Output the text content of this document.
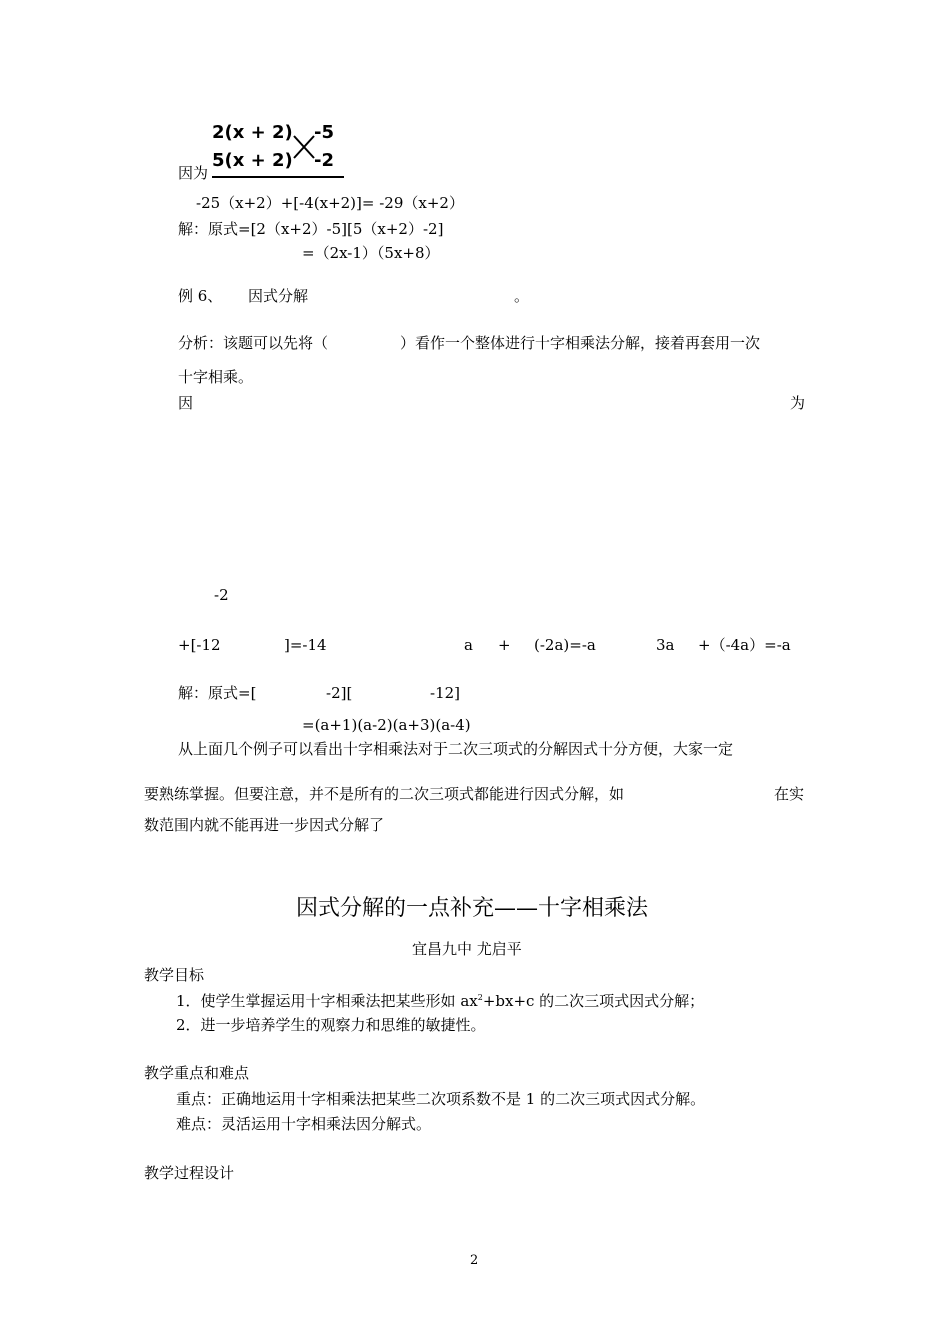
2(x + 2)
5(x + 2)
-5
-2
因为
-25（x+2）+[-4(x+2)]= -29（x+2）
解：原式=[2（x+2）-5][5（x+2）-2]
=（2x-1）（5x+8）
例 6、 因式分解	。
分析：该题可以先将（	）看作一个整体进行十字相乘法分解，接着再套用一次
十字相乘。
因	为
-2
+[-12	]=-14	a + (-2a)=-a	3a +（-4a）=-a
解：原式=[	-2][	-12]
=(a+1)(a-2)(a+3)(a-4)
从上面几个例子可以看出十字相乘法对于二次三项式的分解因式十分方便，大家一定
要熟练掌握。但要注意，并不是所有的二次三项式都能进行因式分解，如	在实
数范围内就不能再进一步因式分解了
因式分解的一点补充——十字相乘法
宜昌九中 尤启平
教学目标
1．使学生掌握运用十字相乘法把某些形如 $ax^2+bx+c$ 的二次三项式因式分解；
2．进一步培养学生的观察力和思维的敏捷性。
教学重点和难点
重点：正确地运用十字相乘法把某些二次项系数不是 1 的二次三项式因式分解。
难点：灵活运用十字相乘法因分解式。
教学过程设计
2
